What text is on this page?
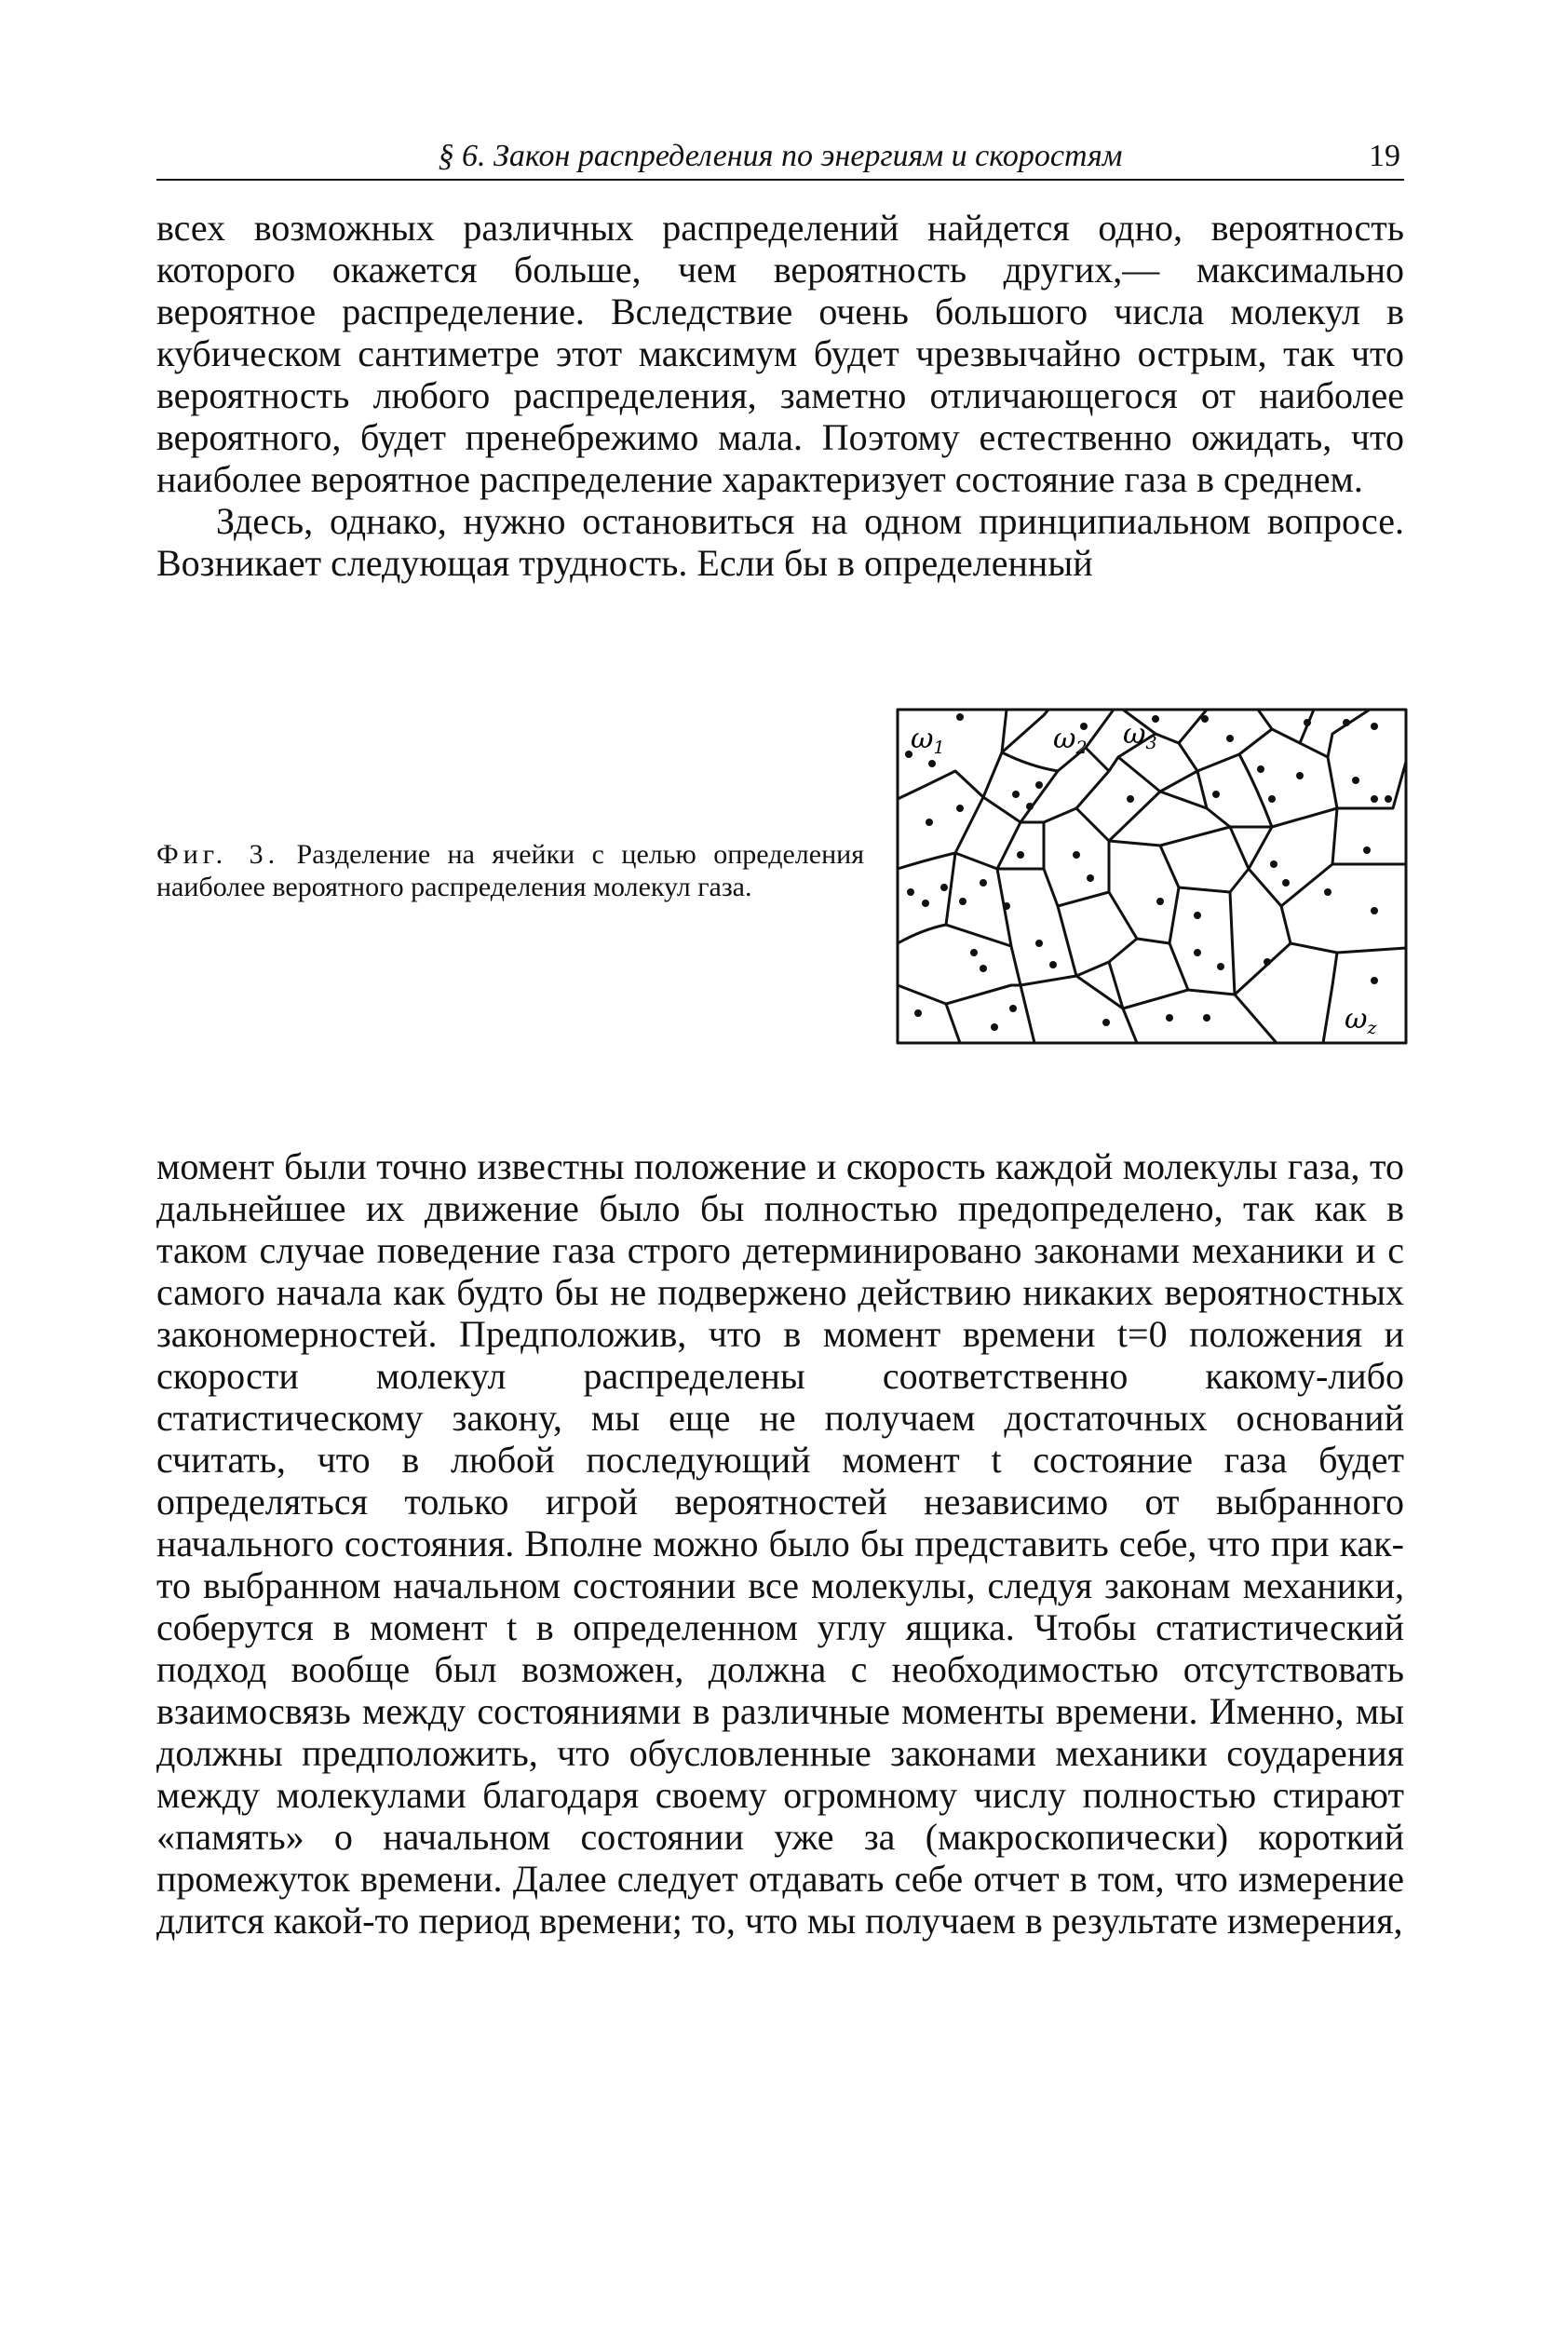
§ 6. Закон распределения по энергиям и скоростям	19

всех возможных различных распределений найдется одно, вероятность которого окажется больше, чем вероятность других,— максимально вероятное распределение. Вследствие очень большого числа молекул в кубическом сантиметре этот максимум будет чрезвычайно острым, так что вероятность любого распределения, заметно отличающегося от наиболее вероятного, будет пренебрежимо мала. Поэтому естественно ожидать, что наиболее вероятное распределение характеризует состояние газа в среднем.

Здесь, однако, нужно остановиться на одном принципиальном вопросе. Возникает следующая трудность. Если бы в определенный

Фиг. 3. Разделение на ячейки с целью определения наиболее вероятного распределения молекул газа.
$\omega_1$	$\omega_2$ $\omega_3$
$\omega_z$

момент были точно известны положение и скорость каждой молекулы газа, то дальнейшее их движение было бы полностью предопределено, так как в таком случае поведение газа строго детерминировано законами механики и с самого начала как будто бы не подвержено действию никаких вероятностных закономерностей. Предположив, что в момент времени t=0 положения и скорости молекул распределены соответственно какому-либо статистическому закону, мы еще не получаем достаточных оснований считать, что в любой последующий момент t состояние газа будет определяться только игрой вероятностей независимо от выбранного начального состояния. Вполне можно было бы представить себе, что при как-то выбранном начальном состоянии все молекулы, следуя законам механики, соберутся в момент t в определенном углу ящика. Чтобы статистический подход вообще был возможен, должна с необходимостью отсутствовать взаимосвязь между состояниями в различные моменты времени. Именно, мы должны предположить, что обусловленные законами механики соударения между молекулами благодаря своему огромному числу полностью стирают «память» о начальном состоянии уже за (макроскопически) короткий промежуток времени. Далее следует отдавать себе отчет в том, что измерение длится какой-то период времени; то, что мы получаем в результате измерения,
